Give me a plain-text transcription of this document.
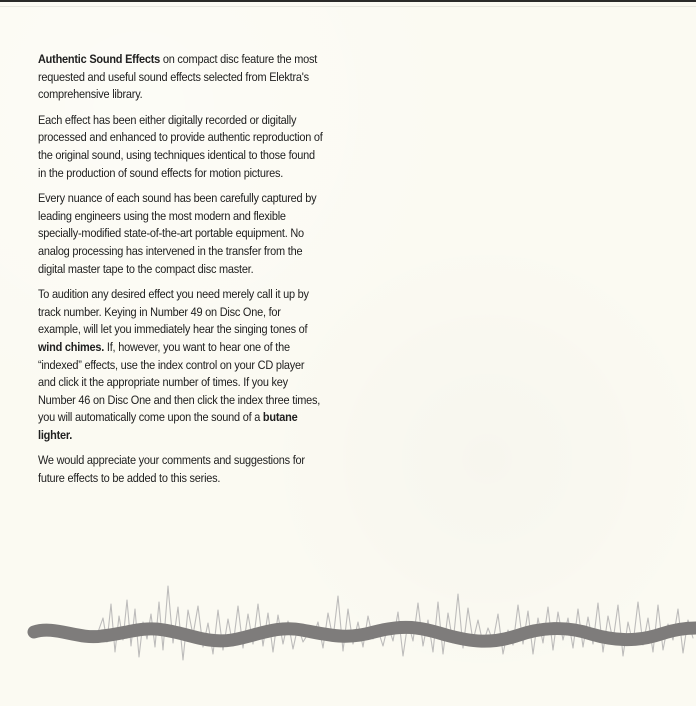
Authentic Sound Effects on compact disc feature the most requested and useful sound effects selected from Elektra's comprehensive library.

Each effect has been either digitally recorded or digitally processed and enhanced to provide authentic reproduction of the original sound, using techniques identical to those found in the production of sound effects for motion pictures.

Every nuance of each sound has been carefully captured by leading engineers using the most modern and flexible specially-modified state-of-the-art portable equipment. No analog processing has intervened in the transfer from the digital master tape to the compact disc master.

To audition any desired effect you need merely call it up by track number. Keying in Number 49 on Disc One, for example, will let you immediately hear the singing tones of wind chimes. If, however, you want to hear one of the “indexed” effects, use the index control on your CD player and click it the appropriate number of times. If you key Number 46 on Disc One and then click the index three times, you will automatically come upon the sound of a butane lighter.

We would appreciate your comments and suggestions for future effects to be added to this series.
